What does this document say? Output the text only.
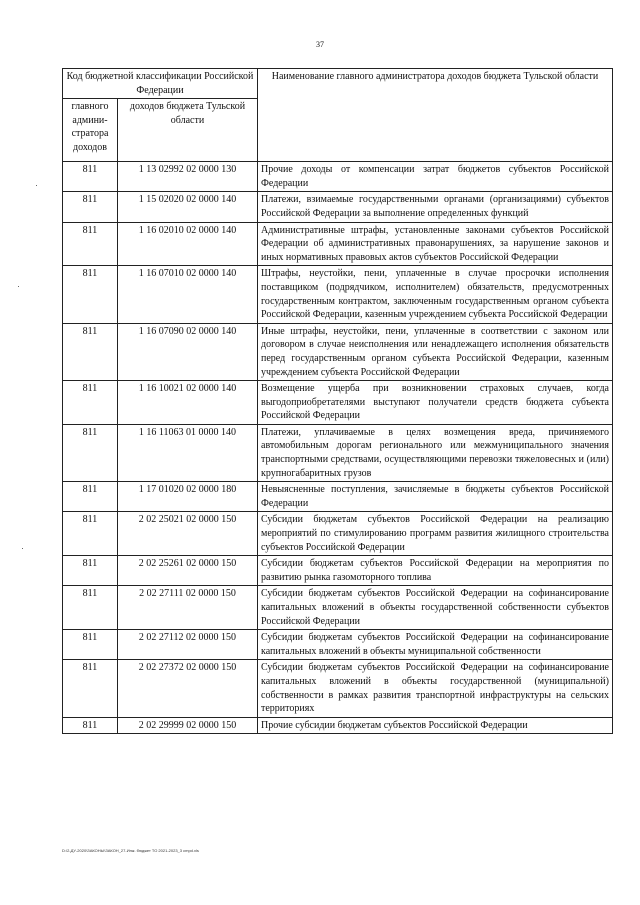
37
Код бюджетной классификации Российской Федерации		Наименование главного администратора доходов бюджета Тульской области
главного админи-стратора доходов	доходов бюджета Тульской области	
811	1 13 02992 02 0000 130	Прочие доходы от компенсации затрат бюджетов субъектов Российской Федерации
811	1 15 02020 02 0000 140	Платежи, взимаемые государственными органами (организациями) субъектов Российской Федерации за выполнение определенных функций
811	1 16 02010 02 0000 140	Административные штрафы, установленные законами субъектов Российской Федерации об административных правонарушениях, за нарушение законов и иных нормативных правовых актов субъектов Российской Федерации
811	1 16 07010 02 0000 140	Штрафы, неустойки, пени, уплаченные в случае просрочки исполнения поставщиком (подрядчиком, исполнителем) обязательств, предусмотренных государственным контрактом, заключенным государственным органом субъекта Российской Федерации, казенным учреждением субъекта Российской Федерации
811	1 16 07090 02 0000 140	Иные штрафы, неустойки, пени, уплаченные в соответствии с законом или договором в случае неисполнения или ненадлежащего исполнения обязательств перед государственным органом субъекта Российской Федерации, казенным учреждением субъекта Российской Федерации
811	1 16 10021 02 0000 140	Возмещение ущерба при возникновении страховых случаев, когда выгодоприобретателями выступают получатели средств бюджета субъекта Российской Федерации
811	1 16 11063 01 0000 140	Платежи, уплачиваемые в целях возмещения вреда, причиняемого автомобильным дорогам регионального или межмуниципального значения транспортными средствами, осуществляющими перевозки тяжеловесных и (или) крупногабаритных грузов
811	1 17 01020 02 0000 180	Невыясненные поступления, зачисляемые в бюджеты субъектов Российской Федерации
811	2 02 25021 02 0000 150	Субсидии бюджетам субъектов Российской Федерации на реализацию мероприятий по стимулированию программ развития жилищного строительства субъектов Российской Федерации
811	2 02 25261 02 0000 150	Субсидии бюджетам субъектов Российской Федерации на мероприятия по развитию рынка газомоторного топлива
811	2 02 27111 02 0000 150	Субсидии бюджетам субъектов Российской Федерации на софинансирование капитальных вложений в объекты государственной собственности субъектов Российской Федерации
811	2 02 27112 02 0000 150	Субсидии бюджетам субъектов Российской Федерации на софинансирование капитальных вложений в объекты муниципальной собственности
811	2 02 27372 02 0000 150	Субсидии бюджетам субъектов Российской Федерации на софинансирование капитальных вложений в объекты государственной (муниципальной) собственности в рамках развития транспортной инфраструктуры на сельских территориях
811	2 02 29999 02 0000 150	Прочие субсидии бюджетам субъектов Российской Федерации
D:\2-ДУ-2020\ЗАКОНЫ\ЗАКОН_27-Инж. бюджет ТО 2021-2023_3 сmpd.xls
